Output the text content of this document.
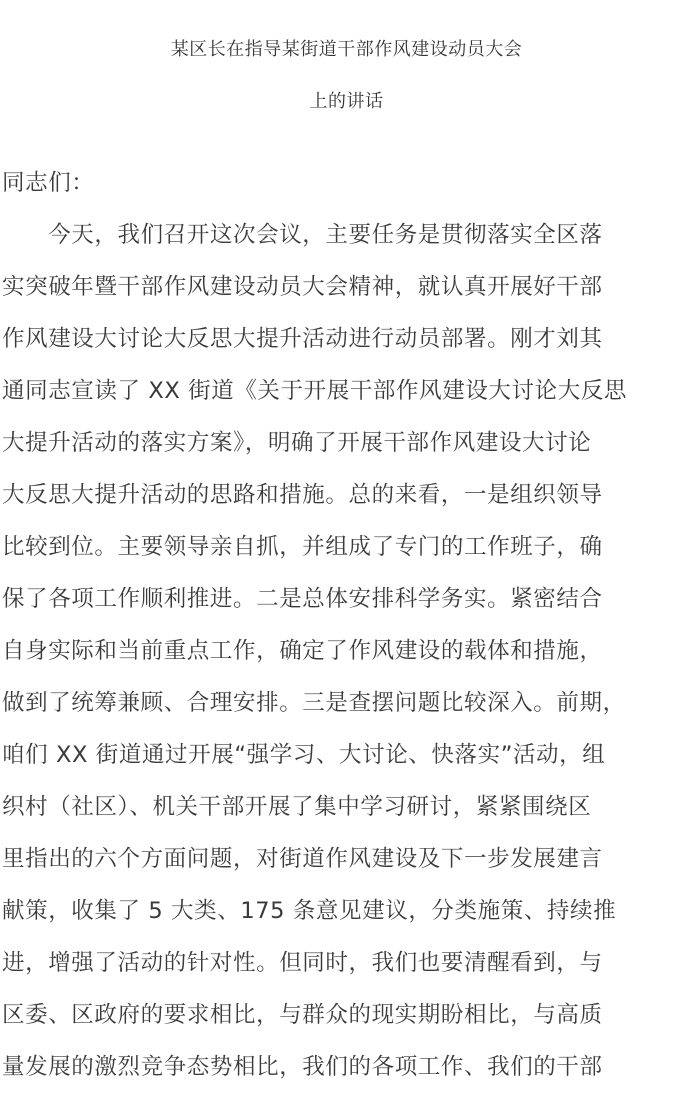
某区长在指导某街道干部作风建设动员大会
上的讲话
同志们：
　　今天，我们召开这次会议，主要任务是贯彻落实全区落
实突破年暨干部作风建设动员大会精神，就认真开展好干部
作风建设大讨论大反思大提升活动进行动员部署。刚才刘其
通同志宣读了 XX 街道《关于开展干部作风建设大讨论大反思
大提升活动的落实方案》，明确了开展干部作风建设大讨论
大反思大提升活动的思路和措施。总的来看，一是组织领导
比较到位。主要领导亲自抓，并组成了专门的工作班子，确
保了各项工作顺利推进。二是总体安排科学务实。紧密结合
自身实际和当前重点工作，确定了作风建设的载体和措施，
做到了统筹兼顾、合理安排。三是查摆问题比较深入。前期，
咱们 XX 街道通过开展“强学习、大讨论、快落实”活动，组
织村（社区）、机关干部开展了集中学习研讨，紧紧围绕区
里指出的六个方面问题，对街道作风建设及下一步发展建言
献策，收集了 5 大类、175 条意见建议，分类施策、持续推
进，增强了活动的针对性。但同时，我们也要清醒看到，与
区委、区政府的要求相比，与群众的现实期盼相比，与高质
量发展的激烈竞争态势相比，我们的各项工作、我们的干部
